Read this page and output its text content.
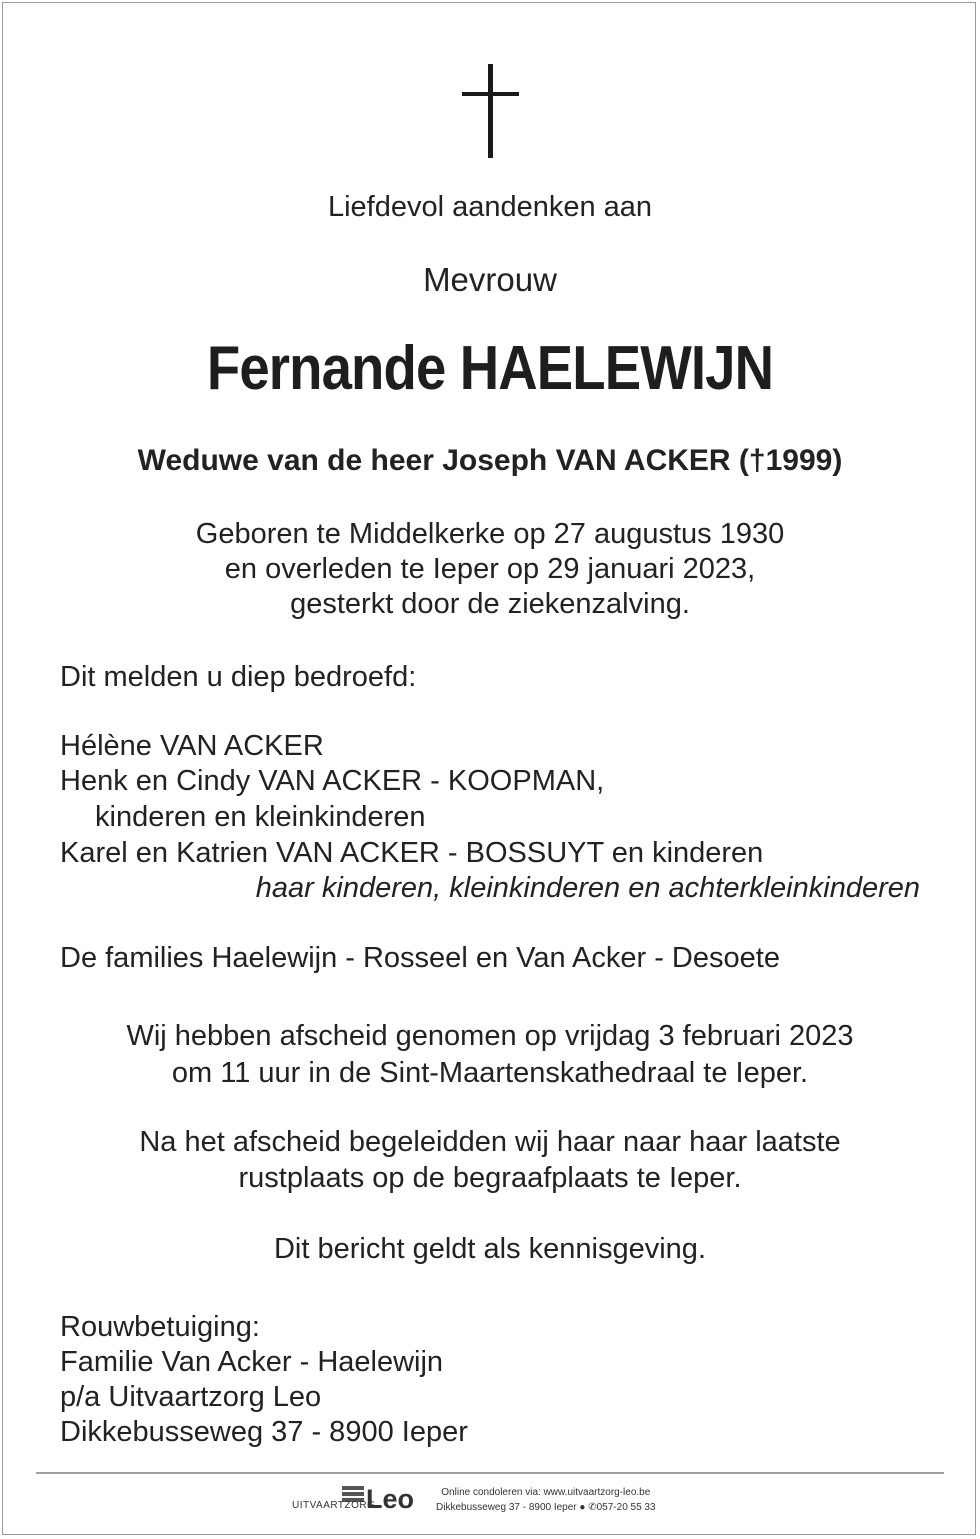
Liefdevol aandenken aan
Mevrouw
Fernande HAELEWIJN
Weduwe van de heer Joseph VAN ACKER (†1999)
Geboren te Middelkerke op 27 augustus 1930
en overleden te Ieper op 29 januari 2023,
gesterkt door de ziekenzalving.
Dit melden u diep bedroefd:
Hélène VAN ACKER
Henk en Cindy VAN ACKER - KOOPMAN,
kinderen en kleinkinderen
Karel en Katrien VAN ACKER - BOSSUYT en kinderen
haar kinderen, kleinkinderen en achterkleinkinderen
De families Haelewijn - Rosseel en Van Acker - Desoete
Wij hebben afscheid genomen op vrijdag 3 februari 2023
om 11 uur in de Sint-Maartenskathedraal te Ieper.
Na het afscheid begeleidden wij haar naar haar laatste
rustplaats op de begraafplaats te Ieper.
Dit bericht geldt als kennisgeving.
Rouwbetuiging:
Familie Van Acker - Haelewijn
p/a Uitvaartzorg Leo
Dikkebusseweg 37 - 8900 Ieper
UITVAARTZORG
Leo	Online condoleren via: www.uitvaartzorg-leo.be
Dikkebusseweg 37 - 8900 Ieper ● ✆057-20 55 33
